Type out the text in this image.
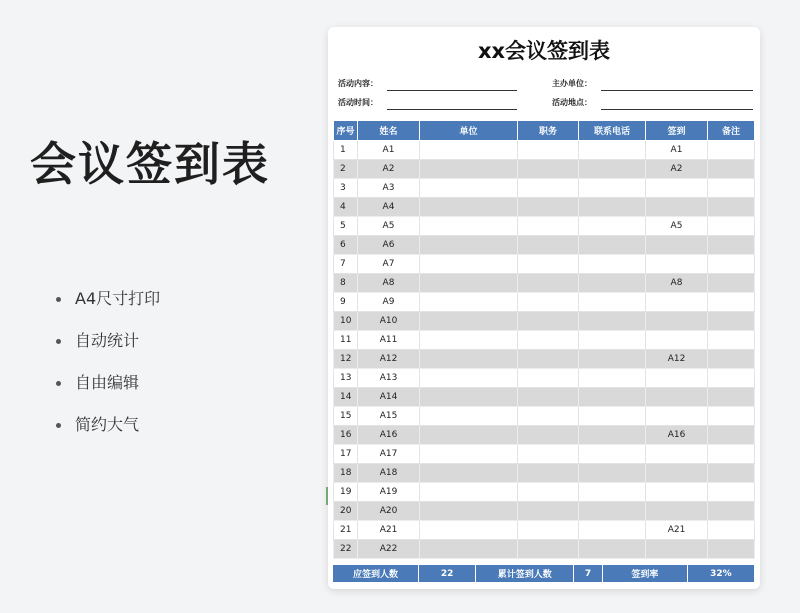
会议签到表
A4尺寸打印
自动统计
自由编辑
简约大气
xx会议签到表
活动内容：	主办单位：
活动时间：	活动地点：
序号	姓名	单位	职务	联系电话	签到	备注
1	A1				A1	
2	A2				A2	
3	A3					
4	A4					
5	A5				A5	
6	A6					
7	A7					
8	A8				A8	
9	A9					
10	A10					
11	A11					
12	A12				A12	
13	A13					
14	A14					
15	A15					
16	A16				A16	
17	A17					
18	A18					
19	A19					
20	A20					
21	A21				A21	
22	A22					
应签到人数	22	累计签到人数	7	签到率	32%
